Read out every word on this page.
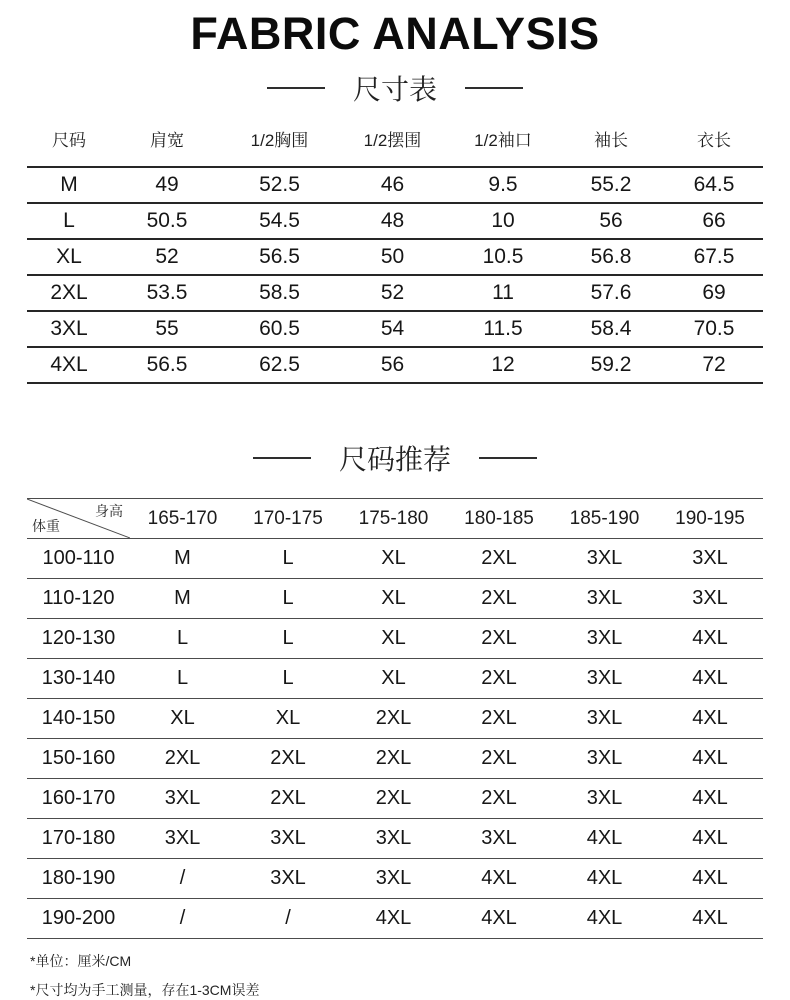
FABRIC ANALYSIS
尺寸表
尺码	肩宽	1/2胸围	1/2摆围	1/2袖口	袖长	衣长
M	49	52.5	46	9.5	55.2	64.5
L	50.5	54.5	48	10	56	66
XL	52	56.5	50	10.5	56.8	67.5
2XL	53.5	58.5	52	11	57.6	69
3XL	55	60.5	54	11.5	58.4	70.5
4XL	56.5	62.5	56	12	59.2	72
尺码推荐
身高
体重	165-170	170-175	175-180	180-185	185-190	190-195
100-110	M	L	XL	2XL	3XL	3XL
110-120	M	L	XL	2XL	3XL	3XL
120-130	L	L	XL	2XL	3XL	4XL
130-140	L	L	XL	2XL	3XL	4XL
140-150	XL	XL	2XL	2XL	3XL	4XL
150-160	2XL	2XL	2XL	2XL	3XL	4XL
160-170	3XL	2XL	2XL	2XL	3XL	4XL
170-180	3XL	3XL	3XL	3XL	4XL	4XL
180-190	/	3XL	3XL	4XL	4XL	4XL
190-200	/	/	4XL	4XL	4XL	4XL

*单位：厘米/CM

*尺寸均为手工测量，存在1-3CM误差
